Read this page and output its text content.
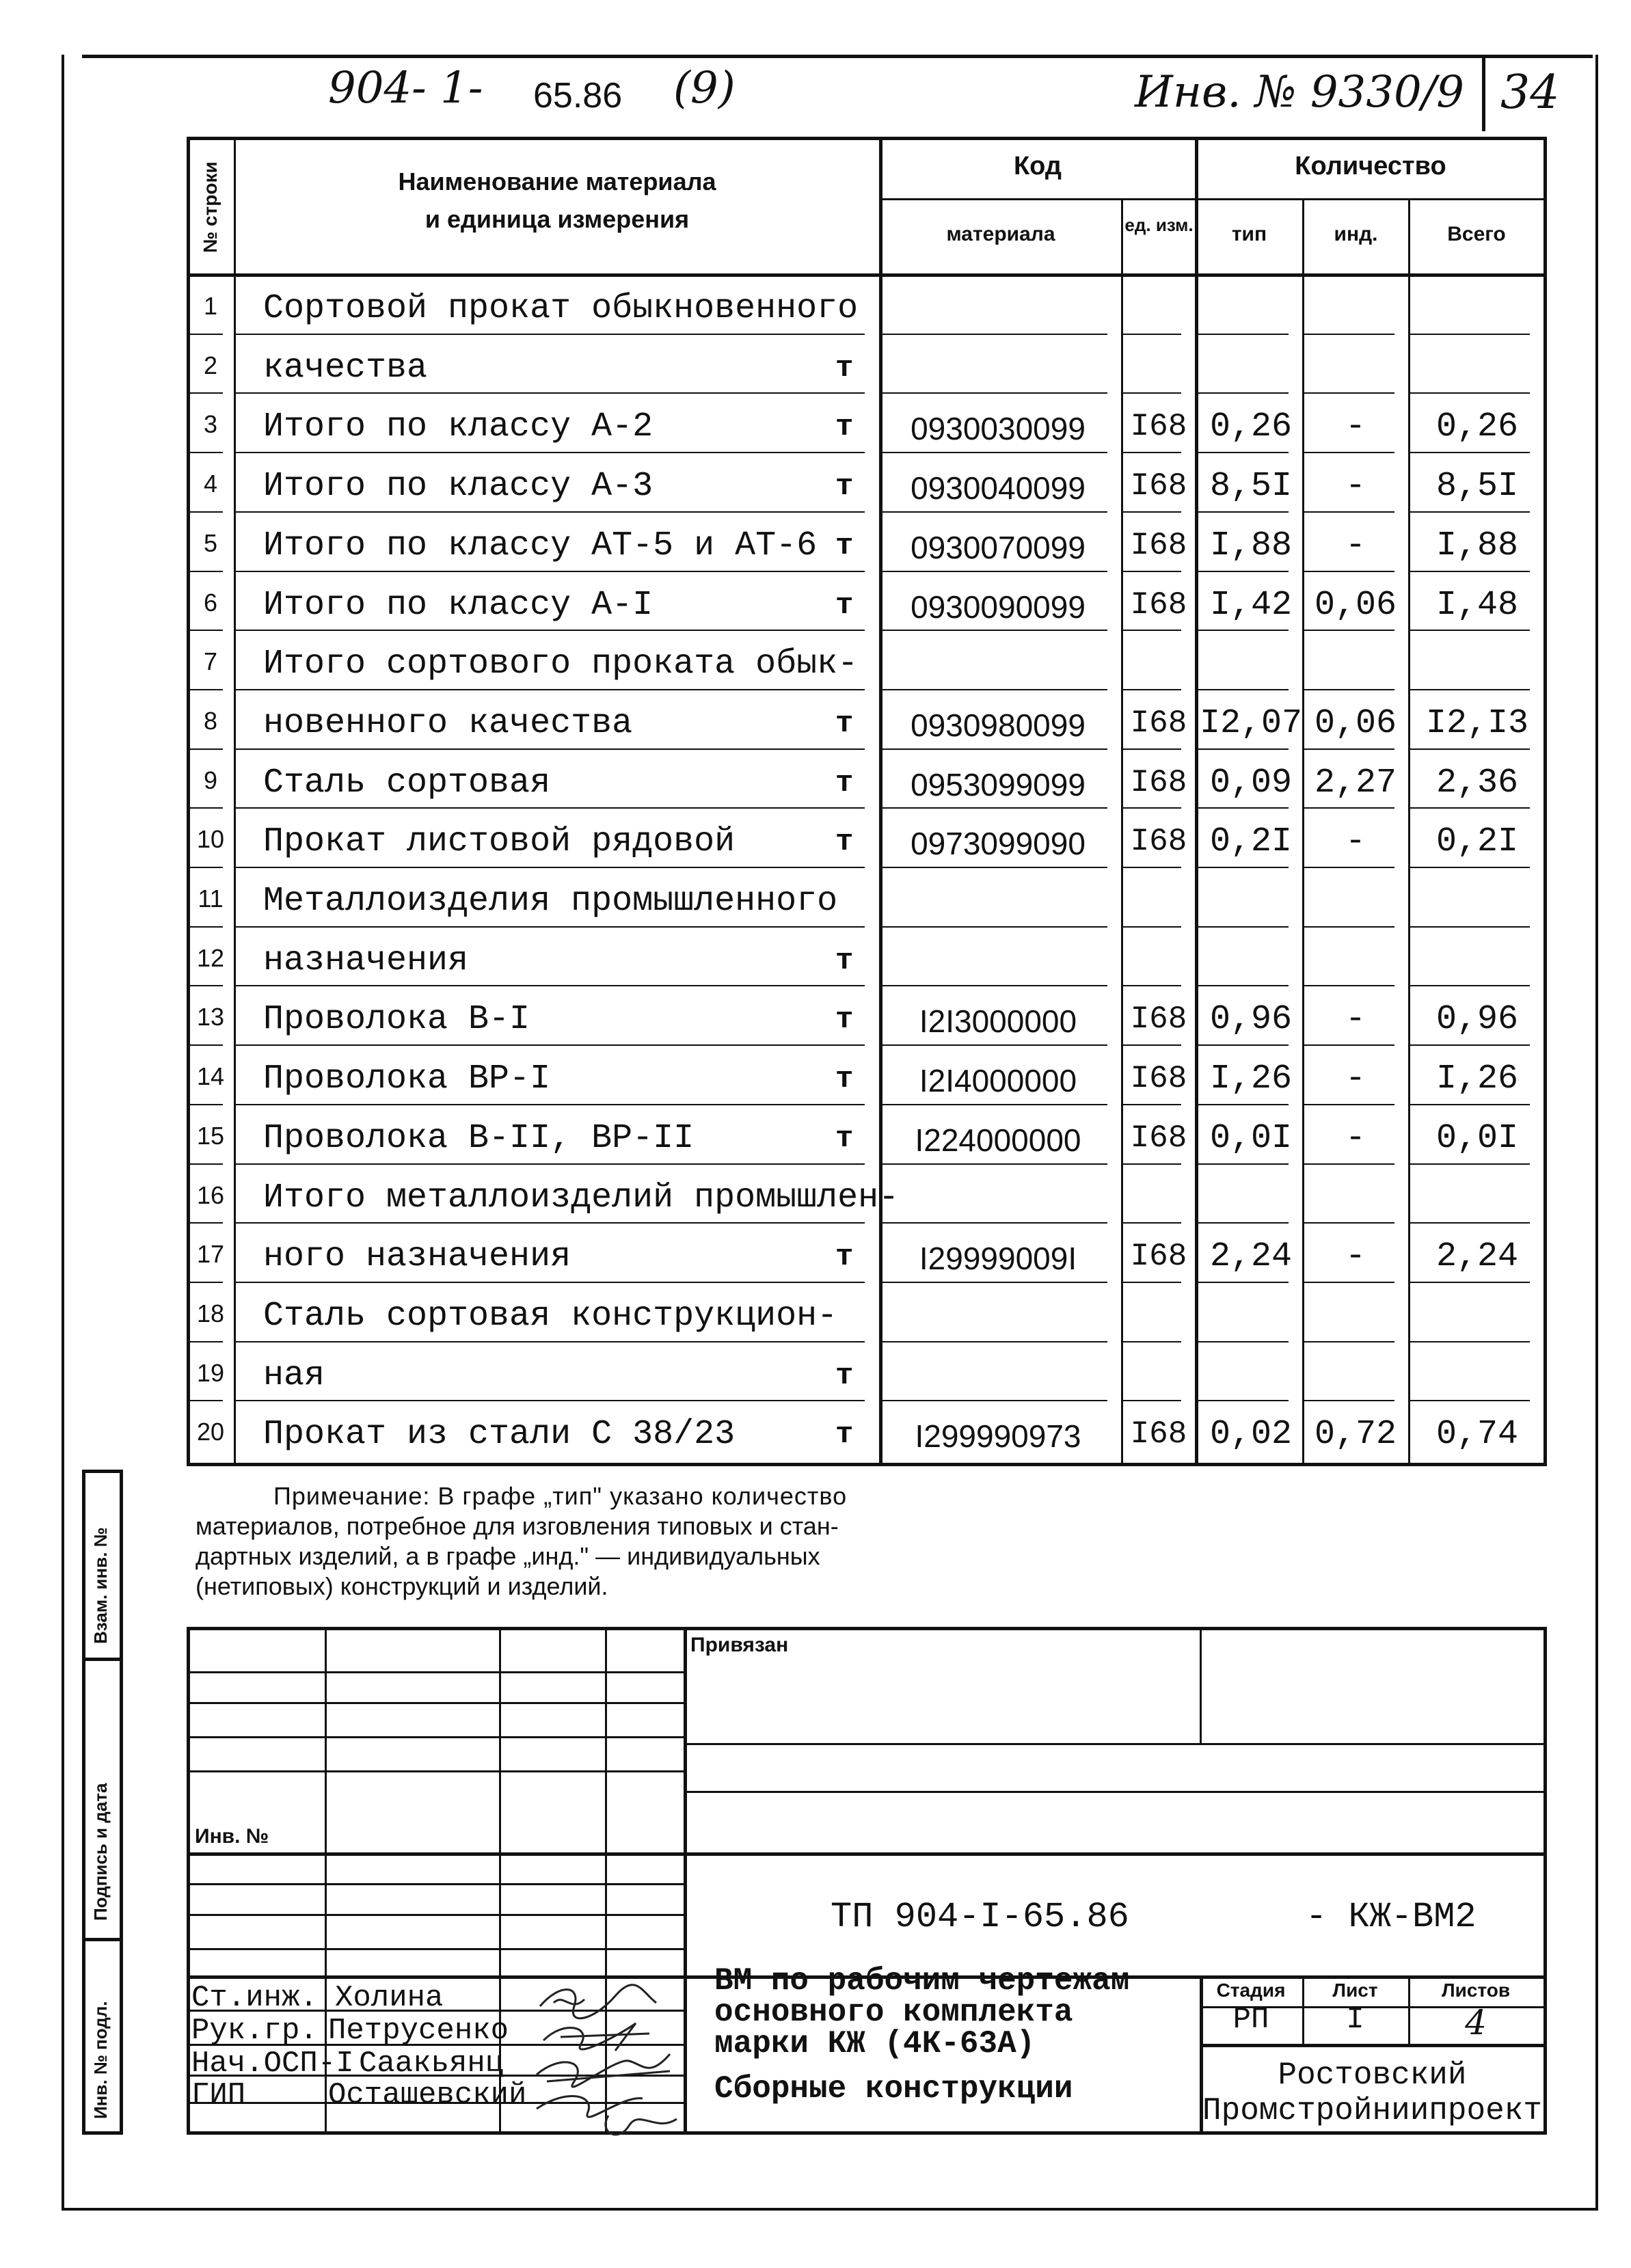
904- 1- 65.86 (9)	Инв. № 9330/9 34
№ строки	Наименование материала
и единица измерения
Код	Количество
материала	ед. изм.	тип	инд.	Всего
1	Сортовой прокат обыкновенного
2	качества	т
3	Итого по классу А-2	т	0930030099	I68 0,26	-	0,26
4	Итого по классу А-3	т	0930040099	I68 8,5I	-	8,5I
5	Итого по классу АТ-5 и АТ-6 т	0930070099	I68 I,88	-	I,88
6	Итого по классу А-I	т	0930090099	I68 I,42 0,06	I,48
7	Итого сортового проката обык-
8	новенного качества	т	0930980099	I68 I2,07 0,06 I2,I3
9	Сталь сортовая	т	0953099099	I68 0,09 2,27	2,36
10 Прокат листовой рядовой	т	0973099090	I68 0,2I	-	0,2I
11 Металлоизделия промышленного
12 назначения	т
13 Проволока В-I	т	I2I3000000	I68 0,96	-	0,96
14 Проволока ВР-I	т	I2I4000000	I68 I,26	-	I,26
15 Проволока В-II, ВР-II	т	I224000000	I68 0,0I	-	0,0I
16 Итого металлоизделий промышлен-
17 ного назначения	т	I29999009I	I68 2,24	-	2,24
18 Сталь сортовая конструкцион-
19 ная	т
20 Прокат из стали С 38/23	т	I299990973	I68 0,02 0,72	0,74
Примечание: В графе „тип" указано количество
материалов, потребное для изговления типовых и стан-
дартных изделий, а в графе „инд." — индивидуальных
(нетиповых) конструкций и изделий.
Взам. инв. №
Подпись и дата
Инв. № подл.
Привязан
Инв. №
ТП 904-I-65.86	- КЖ-ВМ2
ВМ по рабочим чертежам
основного комплекта
марки КЖ (4К-63А)
Сборные конструкции
Стадия	Лист	Листов
РП	I	4
Ростовский
Промстройниипроект
Ст.инж. Холина
Рук.гр. Петрусенко
Нач.ОСП-I Саакьянц
ГИП	Осташевский
